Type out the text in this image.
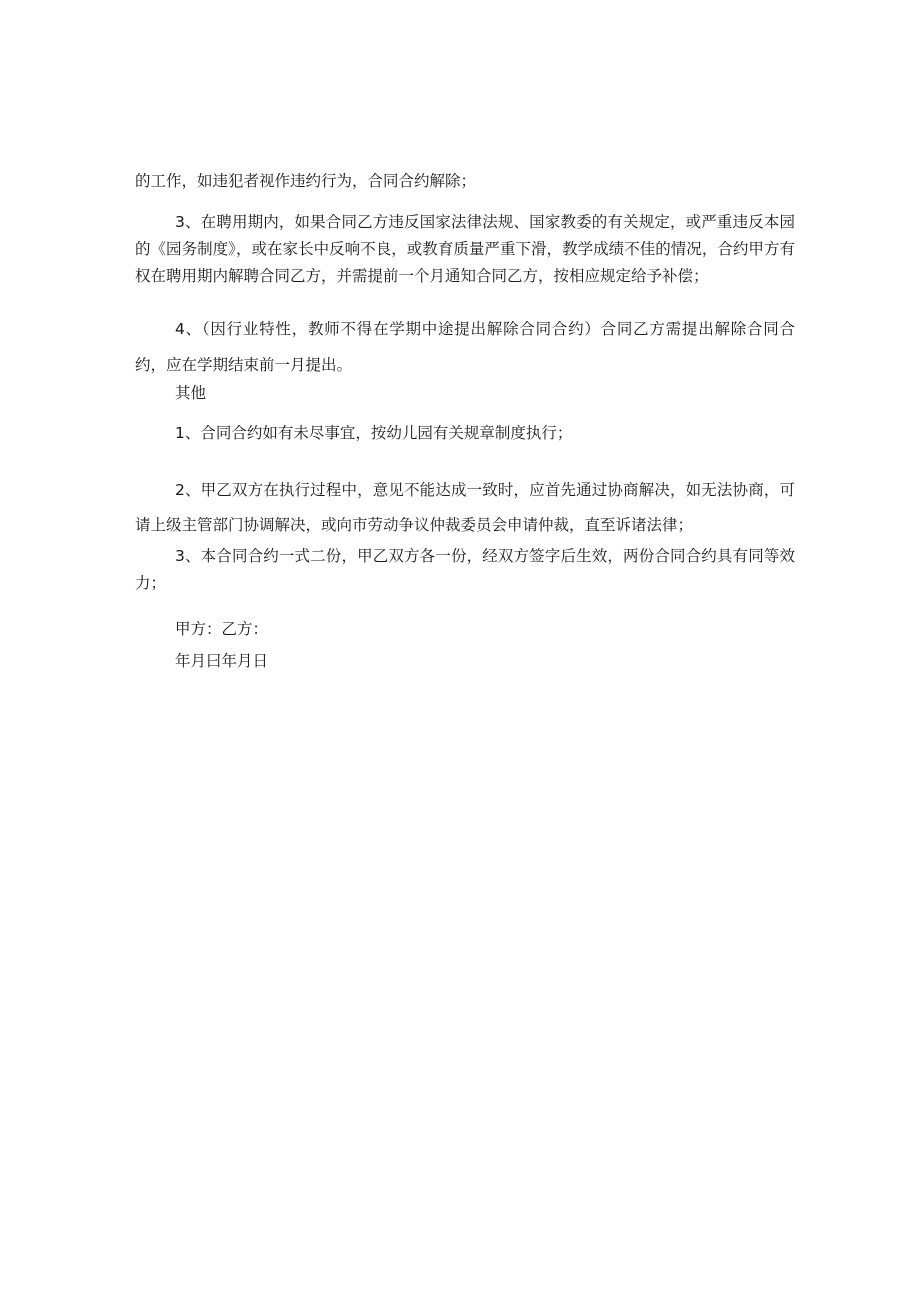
的工作，如违犯者视作违约行为，合同合约解除；

3、在聘用期内，如果合同乙方违反国家法律法规、国家教委的有关规定，或严重违反本园的《园务制度》，或在家长中反响不良，或教育质量严重下滑，教学成绩不佳的情况，合约甲方有权在聘用期内解聘合同乙方，并需提前一个月通知合同乙方，按相应规定给予补偿；

4、（因行业特性，教师不得在学期中途提出解除合同合约）合同乙方需提出解除合同合约，应在学期结束前一月提出。

其他

1、合同合约如有未尽事宜，按幼儿园有关规章制度执行；

2、甲乙双方在执行过程中，意见不能达成一致时，应首先通过协商解决，如无法协商，可请上级主管部门协调解决，或向市劳动争议仲裁委员会申请仲裁，直至诉诸法律；

3、本合同合约一式二份，甲乙双方各一份，经双方签字后生效，两份合同合约具有同等效力；

甲方：乙方：

年月曰年月日
